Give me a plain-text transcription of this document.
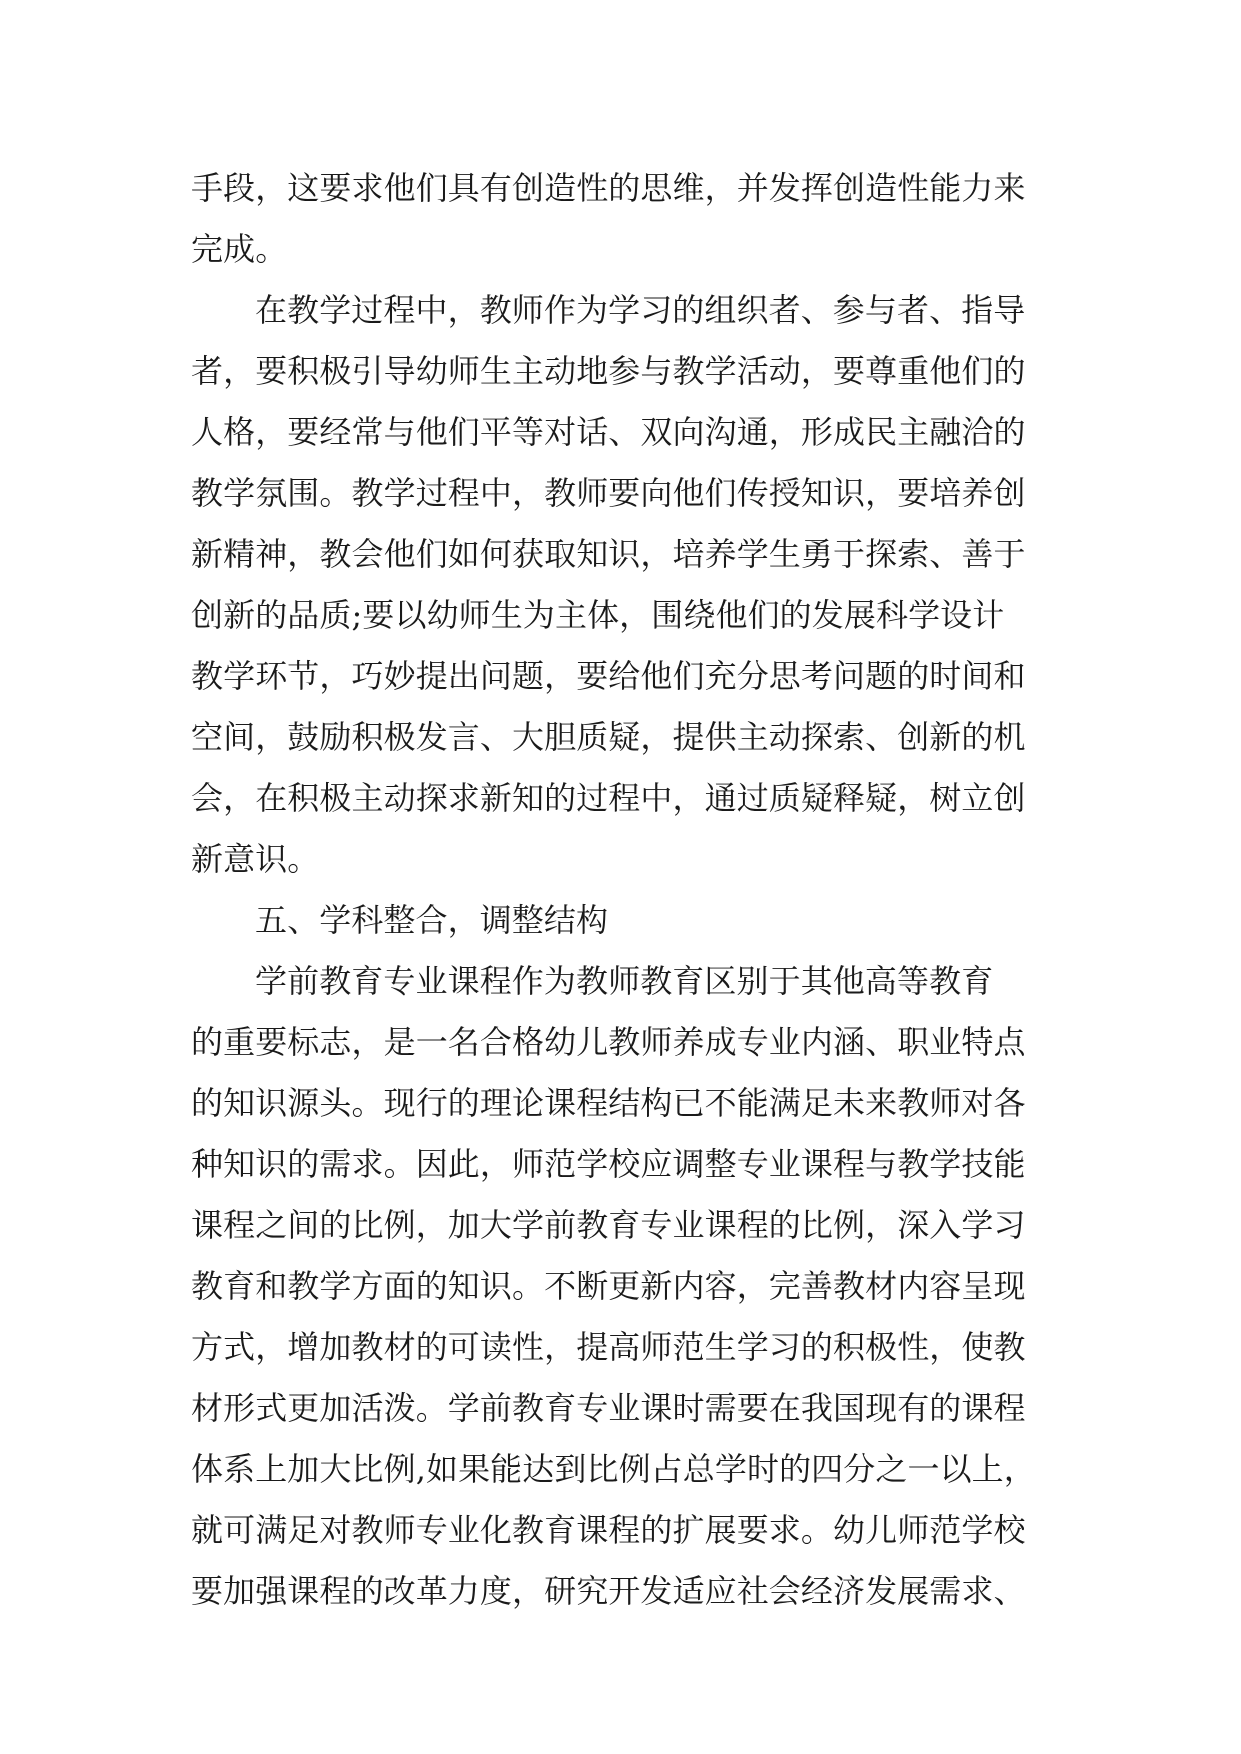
手段，这要求他们具有创造性的思维，并发挥创造性能力来
完成。
在教学过程中，教师作为学习的组织者、参与者、指导
者，要积极引导幼师生主动地参与教学活动，要尊重他们的
人格，要经常与他们平等对话、双向沟通，形成民主融洽的
教学氛围。教学过程中，教师要向他们传授知识，要培养创
新精神，教会他们如何获取知识，培养学生勇于探索、善于
创新的品质;要以幼师生为主体，围绕他们的发展科学设计
教学环节，巧妙提出问题，要给他们充分思考问题的时间和
空间，鼓励积极发言、大胆质疑，提供主动探索、创新的机
会，在积极主动探求新知的过程中，通过质疑释疑，树立创
新意识。
五、学科整合，调整结构
学前教育专业课程作为教师教育区别于其他高等教育
的重要标志，是一名合格幼儿教师养成专业内涵、职业特点
的知识源头。现行的理论课程结构已不能满足未来教师对各
种知识的需求。因此，师范学校应调整专业课程与教学技能
课程之间的比例，加大学前教育专业课程的比例，深入学习
教育和教学方面的知识。不断更新内容，完善教材内容呈现
方式，增加教材的可读性，提高师范生学习的积极性，使教
材形式更加活泼。学前教育专业课时需要在我国现有的课程
体系上加大比例,如果能达到比例占总学时的四分之一以上，
就可满足对教师专业化教育课程的扩展要求。幼儿师范学校
要加强课程的改革力度，研究开发适应社会经济发展需求、
